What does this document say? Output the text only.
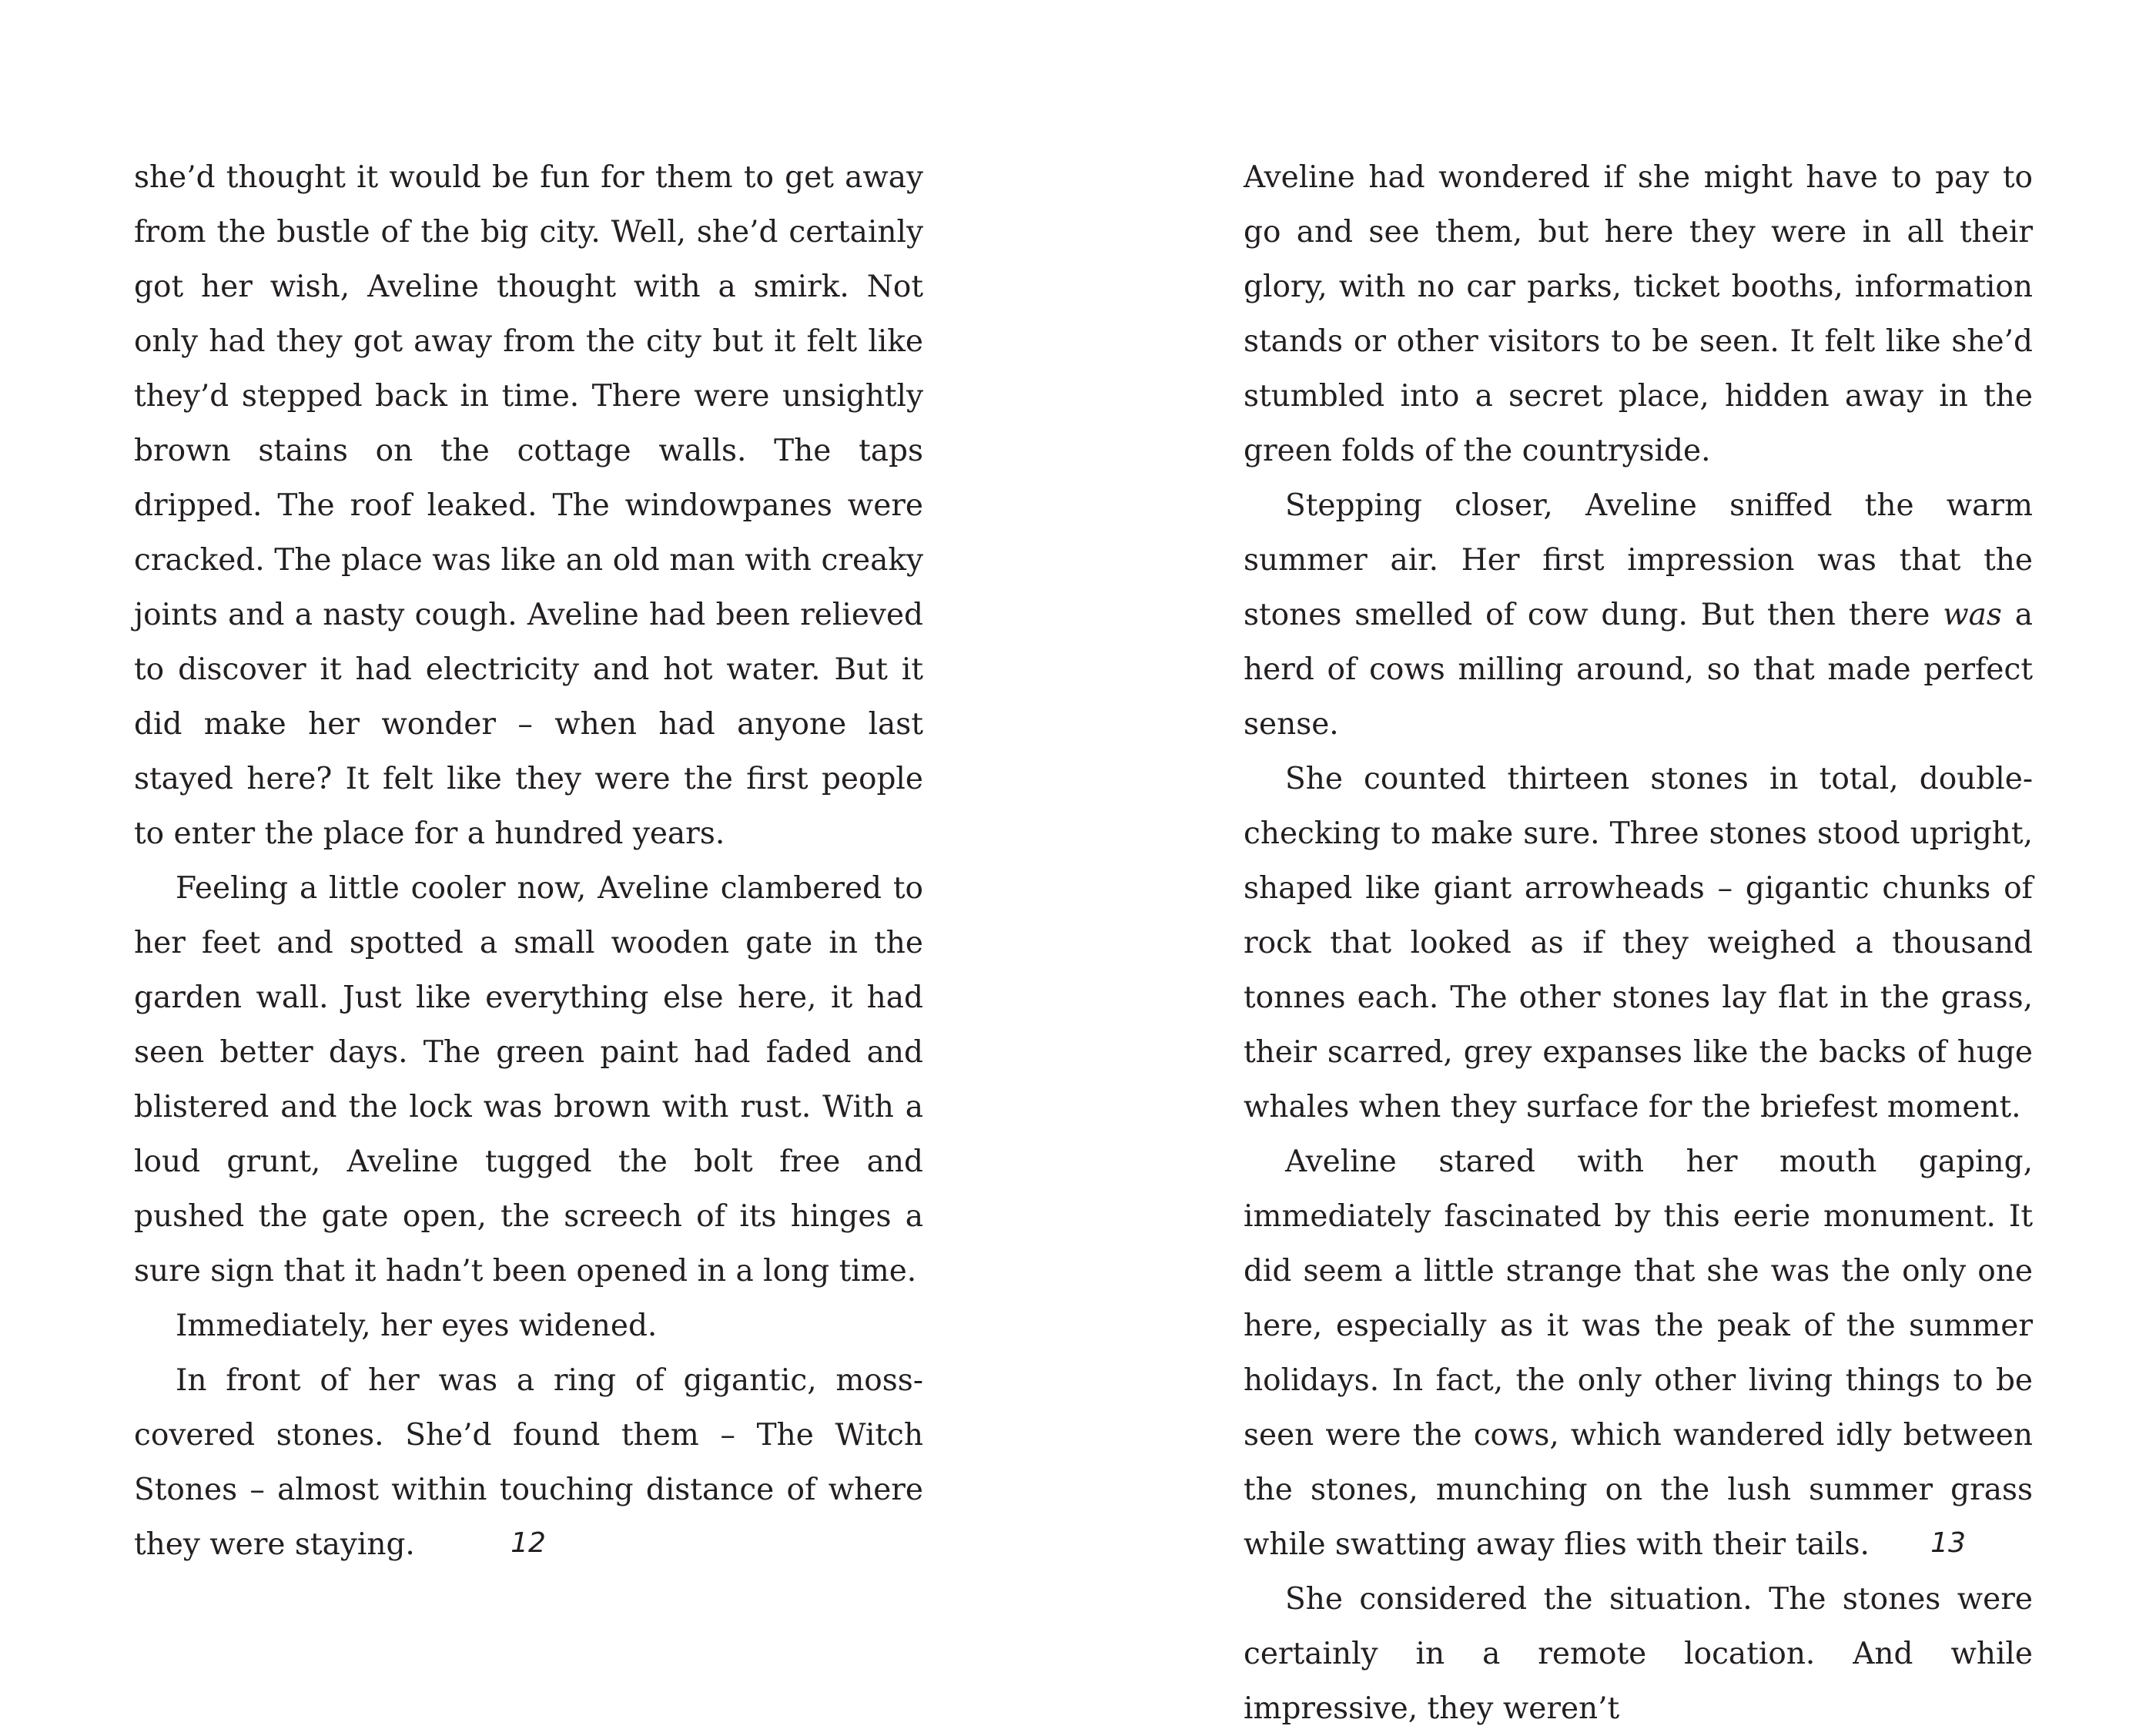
she’d thought it would be fun for them to get away from the bustle of the big city. Well, she’d certainly got her wish, Aveline thought with a smirk. Not only had they got away from the city but it felt like they’d stepped back in time. There were unsightly brown stains on the cottage walls. The taps dripped. The roof leaked. The windowpanes were cracked. The place was like an old man with creaky joints and a nasty cough. Aveline had been relieved to discover it had electricity and hot water. But it did make her wonder – when had anyone last stayed here? It felt like they were the first people to enter the place for a hundred years.

Feeling a little cooler now, Aveline clambered to her feet and spotted a small wooden gate in the garden wall. Just like everything else here, it had seen better days. The green paint had faded and blistered and the lock was brown with rust. With a loud grunt, Aveline tugged the bolt free and pushed the gate open, the screech of its hinges a sure sign that it hadn’t been opened in a long time.

Immediately, her eyes widened.

In front of her was a ring of gigantic, moss-covered stones. She’d found them – The Witch Stones – almost within touching distance of where they were staying.	12

Aveline had wondered if she might have to pay to go and see them, but here they were in all their glory, with no car parks, ticket booths, information stands or other visitors to be seen. It felt like she’d stumbled into a secret place, hidden away in the green folds of the countryside.

Stepping closer, Aveline sniffed the warm summer air. Her first impression was that the stones smelled of cow dung. But then there was a herd of cows milling around, so that made perfect sense.

She counted thirteen stones in total, double-checking to make sure. Three stones stood upright, shaped like giant arrowheads – gigantic chunks of rock that looked as if they weighed a thousand tonnes each. The other stones lay flat in the grass, their scarred, grey expanses like the backs of huge whales when they surface for the briefest moment.

Aveline stared with her mouth gaping, immediately fascinated by this eerie monument. It did seem a little strange that she was the only one here, especially as it was the peak of the summer holidays. In fact, the only other living things to be seen were the cows, which wandered idly between the stones, munching on the lush summer grass while swatting away flies with their tails.

She considered the situation. The stones were certainly in a remote location. And while impressive, they weren’t

13
